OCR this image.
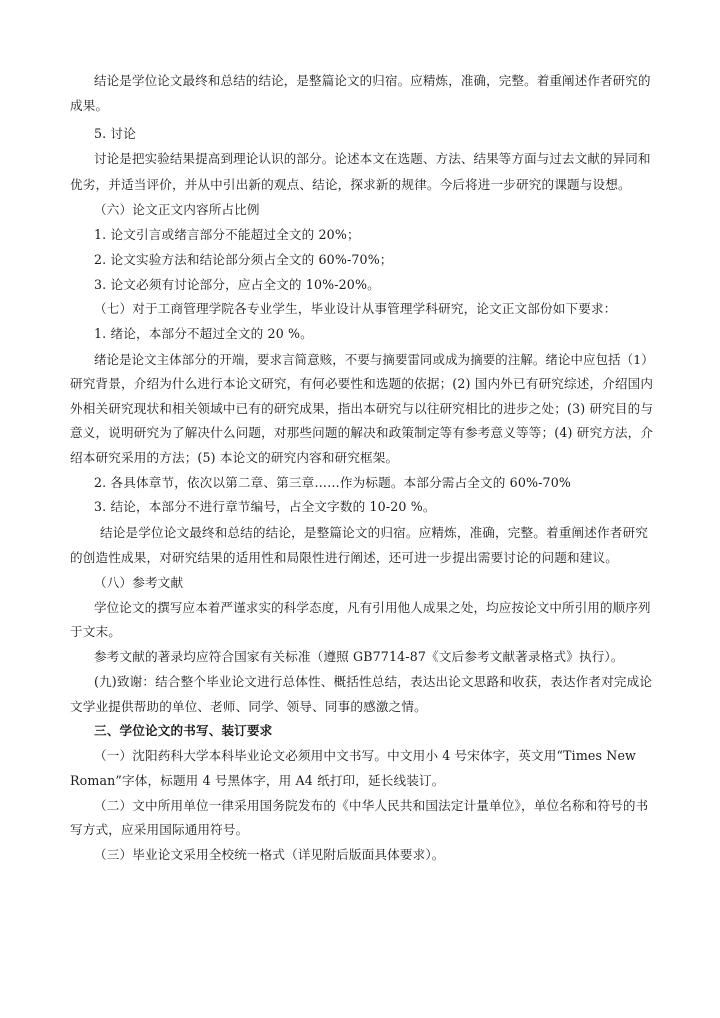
结论是学位论文最终和总结的结论，是整篇论文的归宿。应精炼，准确，完整。着重阐述作者研究的
成果。
5. 讨论
讨论是把实验结果提高到理论认识的部分。论述本文在选题、方法、结果等方面与过去文献的异同和
优劣，并适当评价，并从中引出新的观点、结论，探求新的规律。今后将进一步研究的课题与设想。
（六）论文正文内容所占比例
1. 论文引言或绪言部分不能超过全文的 20%；
2. 论文实验方法和结论部分须占全文的 60%-70%；
3. 论文必须有讨论部分，应占全文的 10%-20%。
（七）对于工商管理学院各专业学生，毕业设计从事管理学科研究，论文正文部份如下要求：
1. 绪论，本部分不超过全文的 20 %。
绪论是论文主体部分的开端，要求言简意赅，不要与摘要雷同或成为摘要的注解。绪论中应包括（1）
研究背景，介绍为什么进行本论文研究，有何必要性和选题的依据；(2) 国内外已有研究综述，介绍国内
外相关研究现状和相关领域中已有的研究成果，指出本研究与以往研究相比的进步之处；(3) 研究目的与
意义，说明研究为了解决什么问题，对那些问题的解决和政策制定等有参考意义等等；(4) 研究方法，介
绍本研究采用的方法；(5) 本论文的研究内容和研究框架。
2. 各具体章节，依次以第二章、第三章……作为标题。本部分需占全文的 60%-70%
3. 结论，本部分不进行章节编号，占全文字数的 10-20 %。
结论是学位论文最终和总结的结论，是整篇论文的归宿。应精炼，准确，完整。着重阐述作者研究
的创造性成果，对研究结果的适用性和局限性进行阐述，还可进一步提出需要讨论的问题和建议。
（八）参考文献
学位论文的撰写应本着严谨求实的科学态度，凡有引用他人成果之处，均应按论文中所引用的顺序列
于文末。
参考文献的著录均应符合国家有关标准（遵照 GB7714-87《文后参考文献著录格式》执行）。
(九)致谢：结合整个毕业论文进行总体性、概括性总结，表达出论文思路和收获，表达作者对完成论
文学业提供帮助的单位、老师、同学、领导、同事的感激之情。
三、学位论文的书写、装订要求
（一）沈阳药科大学本科毕业论文必须用中文书写。中文用小 4 号宋体字，英文用“Times New
Roman”字体，标题用 4 号黑体字，用 A4 纸打印，延长线装订。
（二）文中所用单位一律采用国务院发布的《中华人民共和国法定计量单位》，单位名称和符号的书
写方式，应采用国际通用符号。
（三）毕业论文采用全校统一格式（详见附后版面具体要求）。
